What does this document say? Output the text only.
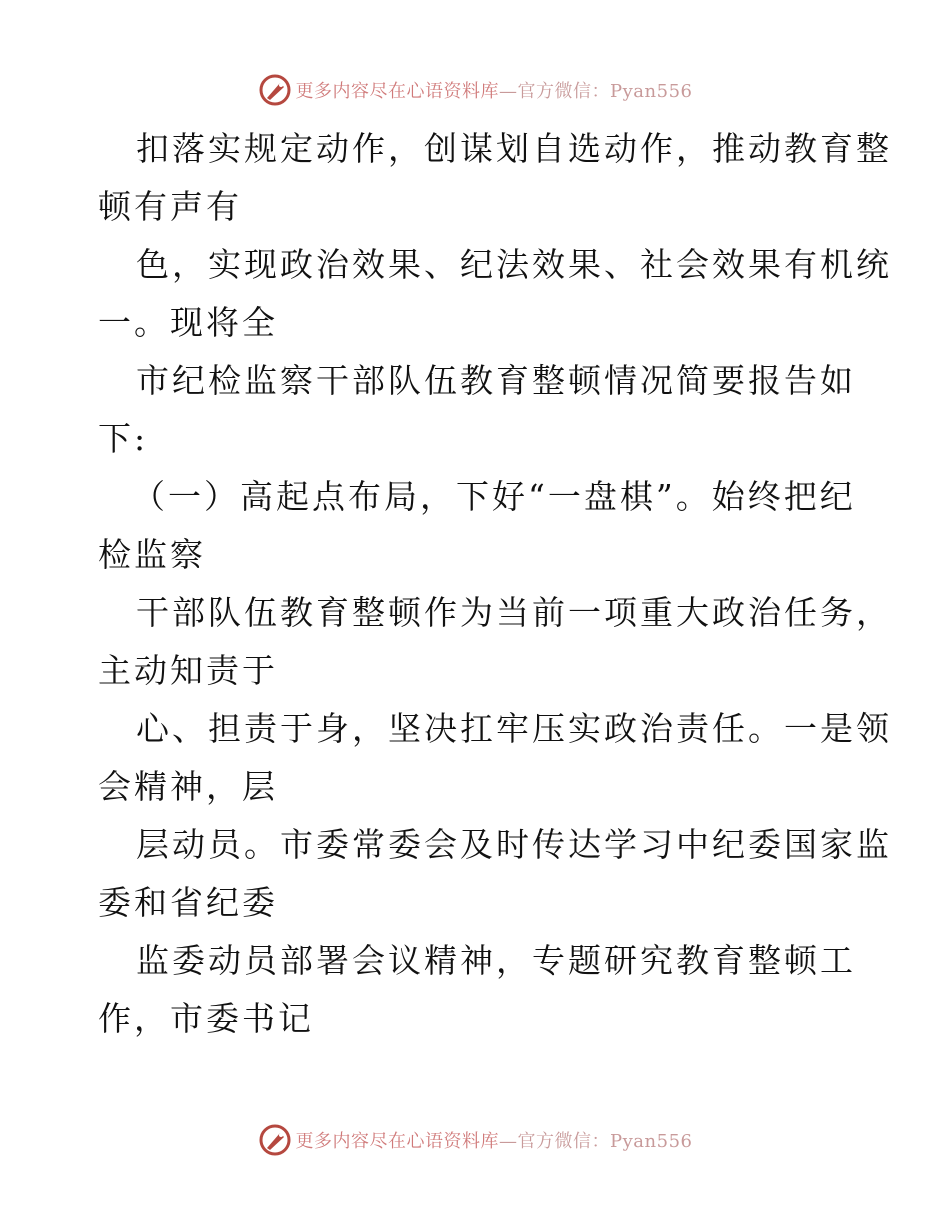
更多内容尽在心语资料库—官方微信：Pyan556
扣落实规定动作，创谋划自选动作，推动教育整
顿有声有
色，实现政治效果、纪法效果、社会效果有机统
一。现将全
市纪检监察干部队伍教育整顿情况简要报告如
下:
（一）高起点布局，下好“一盘棋”。始终把纪
检监察
干部队伍教育整顿作为当前一项重大政治任务，
主动知责于
心、担责于身，坚决扛牢压实政治责任。一是领
会精神，层
层动员。市委常委会及时传达学习中纪委国家监
委和省纪委
监委动员部署会议精神，专题研究教育整顿工
作，市委书记
更多内容尽在心语资料库—官方微信：Pyan556
